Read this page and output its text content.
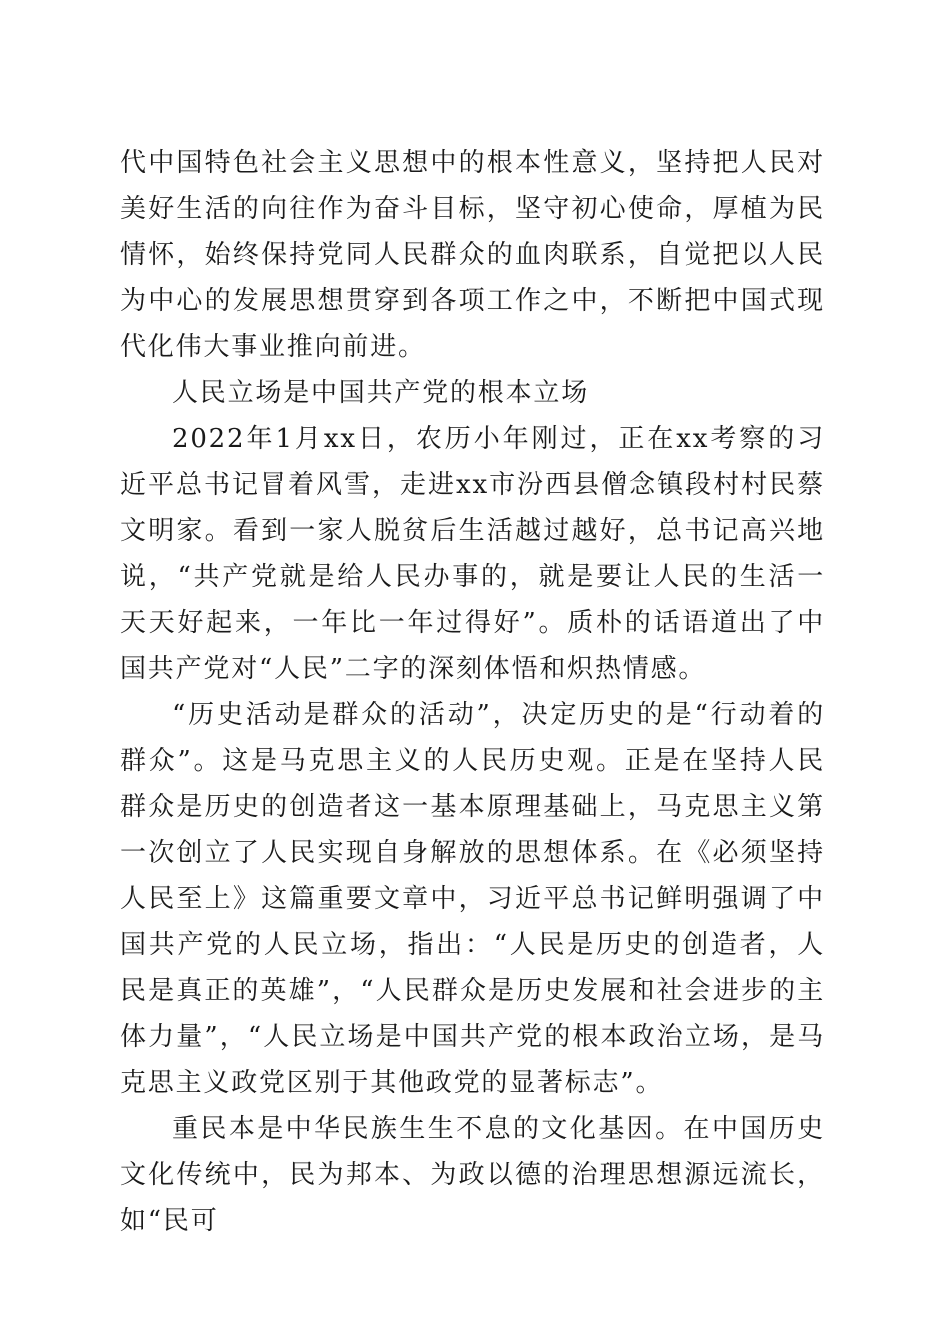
代中国特色社会主义思想中的根本性意义，坚持把人民对美好生活的向往作为奋斗目标，坚守初心使命，厚植为民情怀，始终保持党同人民群众的血肉联系，自觉把以人民为中心的发展思想贯穿到各项工作之中，不断把中国式现代化伟大事业推向前进。

人民立场是中国共产党的根本立场

2022年1月xx日，农历小年刚过，正在xx考察的习近平总书记冒着风雪，走进xx市汾西县僧念镇段村村民蔡文明家。看到一家人脱贫后生活越过越好，总书记高兴地说，“共产党就是给人民办事的，就是要让人民的生活一天天好起来，一年比一年过得好”。质朴的话语道出了中国共产党对“人民”二字的深刻体悟和炽热情感。

“历史活动是群众的活动”，决定历史的是“行动着的群众”。这是马克思主义的人民历史观。正是在坚持人民群众是历史的创造者这一基本原理基础上，马克思主义第一次创立了人民实现自身解放的思想体系。在《必须坚持人民至上》这篇重要文章中，习近平总书记鲜明强调了中国共产党的人民立场，指出：“人民是历史的创造者，人民是真正的英雄”，“人民群众是历史发展和社会进步的主体力量”，“人民立场是中国共产党的根本政治立场，是马克思主义政党区别于其他政党的显著标志”。

重民本是中华民族生生不息的文化基因。在中国历史文化传统中，民为邦本、为政以德的治理思想源远流长，如“民可
